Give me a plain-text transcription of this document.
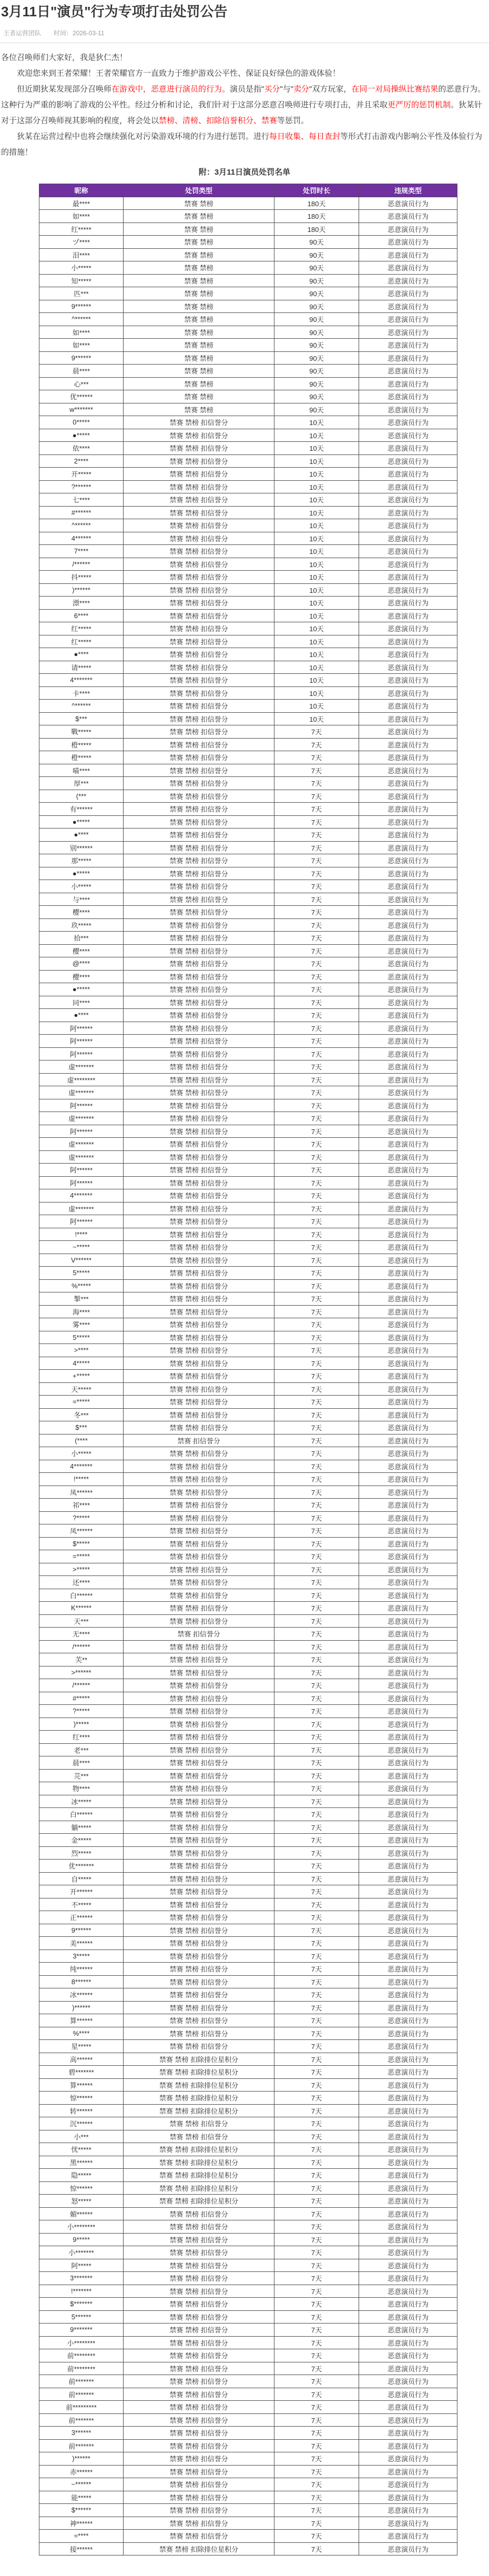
3月11日"演员"行为专项打击处罚公告
王者运营团队 时间：2026-03-11

各位召唤师们大家好，我是狄仁杰！

欢迎您来到王者荣耀！王者荣耀官方一直致力于维护游戏公平性、保证良好绿色的游戏体验！

但近期狄某发现部分召唤师在游戏中，恶意进行演员的行为。演员是指"买分"与"卖分"双方玩家，在同一对局操纵比赛结果的恶意行为。这种行为严重的影响了游戏的公平性。经过分析和讨论，我们针对于这部分恶意召唤师进行专项打击，并且采取更严厉的惩罚机制。狄某针对于这部分召唤师视其影响的程度，将会处以禁榜、清榜、扣除信誉积分、禁赛等惩罚。

狄某在运营过程中也将会继续强化对污染游戏环境的行为进行惩罚。进行每日收集、每日查封等形式打击游戏内影响公平性及体验行为的措施！

附：3月11日演员处罚名单
昵称	处罚类型	处罚时长	违规类型
最****	禁赛 禁榜	180天	恶意演员行为
如****	禁赛 禁榜	180天	恶意演员行为
红*****	禁赛 禁榜	180天	恶意演员行为
ヅ****	禁赛 禁榜	90天	恶意演员行为
泪****	禁赛 禁榜	90天	恶意演员行为
小*****	禁赛 禁榜	90天	恶意演员行为
知*****	禁赛 禁榜	90天	恶意演员行为
匹***	禁赛 禁榜	90天	恶意演员行为
9******	禁赛 禁榜	90天	恶意演员行为
^******	禁赛 禁榜	90天	恶意演员行为
如****	禁赛 禁榜	90天	恶意演员行为
如****	禁赛 禁榜	90天	恶意演员行为
9******	禁赛 禁榜	90天	恶意演员行为
晨****	禁赛 禁榜	90天	恶意演员行为
心***	禁赛 禁榜	90天	恶意演员行为
优******	禁赛 禁榜	90天	恶意演员行为
w*******	禁赛 禁榜	90天	恶意演员行为
0*****	禁赛 禁榜 扣信誉分	10天	恶意演员行为
●*****	禁赛 禁榜 扣信誉分	10天	恶意演员行为
依****	禁赛 禁榜 扣信誉分	10天	恶意演员行为
2****	禁赛 禁榜 扣信誉分	10天	恶意演员行为
开*****	禁赛 禁榜 扣信誉分	10天	恶意演员行为
?******	禁赛 禁榜 扣信誉分	10天	恶意演员行为
七****	禁赛 禁榜 扣信誉分	10天	恶意演员行为
#******	禁赛 禁榜 扣信誉分	10天	恶意演员行为
^******	禁赛 禁榜 扣信誉分	10天	恶意演员行为
4******	禁赛 禁榜 扣信誉分	10天	恶意演员行为
7****	禁赛 禁榜 扣信誉分	10天	恶意演员行为
/******	禁赛 禁榜 扣信誉分	10天	恶意演员行为
抖*****	禁赛 禁榜 扣信誉分	10天	恶意演员行为
)******	禁赛 禁榜 扣信誉分	10天	恶意演员行为
漂****	禁赛 禁榜 扣信誉分	10天	恶意演员行为
6****	禁赛 禁榜 扣信誉分	10天	恶意演员行为
红*****	禁赛 禁榜 扣信誉分	10天	恶意演员行为
红*****	禁赛 禁榜 扣信誉分	10天	恶意演员行为
●****	禁赛 禁榜 扣信誉分	10天	恶意演员行为
请*****	禁赛 禁榜 扣信誉分	10天	恶意演员行为
4*******	禁赛 禁榜 扣信誉分	10天	恶意演员行为
卡****	禁赛 禁榜 扣信誉分	10天	恶意演员行为
^******	禁赛 禁榜 扣信誉分	10天	恶意演员行为
$***	禁赛 禁榜 扣信誉分	10天	恶意演员行为
戰*****	禁赛 禁榜 扣信誉分	7天	恶意演员行为
橙*****	禁赛 禁榜 扣信誉分	7天	恶意演员行为
橙*****	禁赛 禁榜 扣信誉分	7天	恶意演员行为
喵****	禁赛 禁榜 扣信誉分	7天	恶意演员行为
厚***	禁赛 禁榜 扣信誉分	7天	恶意演员行为
(***	禁赛 禁榜 扣信誉分	7天	恶意演员行为
有******	禁赛 禁榜 扣信誉分	7天	恶意演员行为
●*****	禁赛 禁榜 扣信誉分	7天	恶意演员行为
●****	禁赛 禁榜 扣信誉分	7天	恶意演员行为
别******	禁赛 禁榜 扣信誉分	7天	恶意演员行为
那*****	禁赛 禁榜 扣信誉分	7天	恶意演员行为
●*****	禁赛 禁榜 扣信誉分	7天	恶意演员行为
小*****	禁赛 禁榜 扣信誉分	7天	恶意演员行为
与****	禁赛 禁榜 扣信誉分	7天	恶意演员行为
樱****	禁赛 禁榜 扣信誉分	7天	恶意演员行为
玖*****	禁赛 禁榜 扣信誉分	7天	恶意演员行为
拾***	禁赛 禁榜 扣信誉分	7天	恶意演员行为
樱****	禁赛 禁榜 扣信誉分	7天	恶意演员行为
@****	禁赛 禁榜 扣信誉分	7天	恶意演员行为
樱****	禁赛 禁榜 扣信誉分	7天	恶意演员行为
●*****	禁赛 禁榜 扣信誉分	7天	恶意演员行为
同****	禁赛 禁榜 扣信誉分	7天	恶意演员行为
●****	禁赛 禁榜 扣信誉分	7天	恶意演员行为
阿******	禁赛 禁榜 扣信誉分	7天	恶意演员行为
阿******	禁赛 禁榜 扣信誉分	7天	恶意演员行为
阿******	禁赛 禁榜 扣信誉分	7天	恶意演员行为
虚*******	禁赛 禁榜 扣信誉分	7天	恶意演员行为
虚********	禁赛 禁榜 扣信誉分	7天	恶意演员行为
虚*******	禁赛 禁榜 扣信誉分	7天	恶意演员行为
阿******	禁赛 禁榜 扣信誉分	7天	恶意演员行为
虚*******	禁赛 禁榜 扣信誉分	7天	恶意演员行为
阿******	禁赛 禁榜 扣信誉分	7天	恶意演员行为
虚*******	禁赛 禁榜 扣信誉分	7天	恶意演员行为
虚*******	禁赛 禁榜 扣信誉分	7天	恶意演员行为
阿******	禁赛 禁榜 扣信誉分	7天	恶意演员行为
阿******	禁赛 禁榜 扣信誉分	7天	恶意演员行为
4*******	禁赛 禁榜 扣信誉分	7天	恶意演员行为
虚*******	禁赛 禁榜 扣信誉分	7天	恶意演员行为
阿******	禁赛 禁榜 扣信誉分	7天	恶意演员行为
!****	禁赛 禁榜 扣信誉分	7天	恶意演员行为
~*****	禁赛 禁榜 扣信誉分	7天	恶意演员行为
V******	禁赛 禁榜 扣信誉分	7天	恶意演员行为
5*****	禁赛 禁榜 扣信誉分	7天	恶意演员行为
%*****	禁赛 禁榜 扣信誉分	7天	恶意演员行为
掣***	禁赛 禁榜 扣信誉分	7天	恶意演员行为
海****	禁赛 禁榜 扣信誉分	7天	恶意演员行为
雾****	禁赛 禁榜 扣信誉分	7天	恶意演员行为
5*****	禁赛 禁榜 扣信誉分	7天	恶意演员行为
>****	禁赛 禁榜 扣信誉分	7天	恶意演员行为
4*****	禁赛 禁榜 扣信誉分	7天	恶意演员行为
+*****	禁赛 禁榜 扣信誉分	7天	恶意演员行为
天*****	禁赛 禁榜 扣信誉分	7天	恶意演员行为
=*****	禁赛 禁榜 扣信誉分	7天	恶意演员行为
冬***	禁赛 禁榜 扣信誉分	7天	恶意演员行为
$***	禁赛 禁榜 扣信誉分	7天	恶意演员行为
(****	禁赛 扣信誉分	7天	恶意演员行为
小*****	禁赛 禁榜 扣信誉分	7天	恶意演员行为
4*******	禁赛 禁榜 扣信誉分	7天	恶意演员行为
!*****	禁赛 禁榜 扣信誉分	7天	恶意演员行为
凤******	禁赛 禁榜 扣信誉分	7天	恶意演员行为
祁****	禁赛 禁榜 扣信誉分	7天	恶意演员行为
?*****	禁赛 禁榜 扣信誉分	7天	恶意演员行为
凤******	禁赛 禁榜 扣信誉分	7天	恶意演员行为
$*****	禁赛 禁榜 扣信誉分	7天	恶意演员行为
=*****	禁赛 禁榜 扣信誉分	7天	恶意演员行为
>*****	禁赛 禁榜 扣信誉分	7天	恶意演员行为
还****	禁赛 禁榜 扣信誉分	7天	恶意演员行为
白******	禁赛 禁榜 扣信誉分	7天	恶意演员行为
K******	禁赛 禁榜 扣信誉分	7天	恶意演员行为
天***	禁赛 禁榜 扣信誉分	7天	恶意演员行为
无****	禁赛 扣信誉分	7天	恶意演员行为
/******	禁赛 禁榜 扣信誉分	7天	恶意演员行为
芙**	禁赛 禁榜 扣信誉分	7天	恶意演员行为
>******	禁赛 禁榜 扣信誉分	7天	恶意演员行为
/******	禁赛 禁榜 扣信誉分	7天	恶意演员行为
#*****	禁赛 禁榜 扣信誉分	7天	恶意演员行为
?*****	禁赛 禁榜 扣信誉分	7天	恶意演员行为
)*****	禁赛 禁榜 扣信誉分	7天	恶意演员行为
红****	禁赛 禁榜 扣信誉分	7天	恶意演员行为
老***	禁赛 禁榜 扣信誉分	7天	恶意演员行为
晨****	禁赛 禁榜 扣信誉分	7天	恶意演员行为
芫***	禁赛 禁榜 扣信誉分	7天	恶意演员行为
物****	禁赛 禁榜 扣信誉分	7天	恶意演员行为
冰*****	禁赛 禁榜 扣信誉分	7天	恶意演员行为
白******	禁赛 禁榜 扣信誉分	7天	恶意演员行为
躺*****	禁赛 禁榜 扣信誉分	7天	恶意演员行为
金*****	禁赛 禁榜 扣信誉分	7天	恶意演员行为
烈*****	禁赛 禁榜 扣信誉分	7天	恶意演员行为
优*******	禁赛 禁榜 扣信誉分	7天	恶意演员行为
自*****	禁赛 禁榜 扣信誉分	7天	恶意演员行为
开******	禁赛 禁榜 扣信誉分	7天	恶意演员行为
不*****	禁赛 禁榜 扣信誉分	7天	恶意演员行为
正******	禁赛 禁榜 扣信誉分	7天	恶意演员行为
9******	禁赛 禁榜 扣信誉分	7天	恶意演员行为
美******	禁赛 禁榜 扣信誉分	7天	恶意演员行为
3*****	禁赛 禁榜 扣信誉分	7天	恶意演员行为
纯******	禁赛 禁榜 扣信誉分	7天	恶意演员行为
8******	禁赛 禁榜 扣信誉分	7天	恶意演员行为
冰******	禁赛 禁榜 扣信誉分	7天	恶意演员行为
)******	禁赛 禁榜 扣信誉分	7天	恶意演员行为
算******	禁赛 禁榜 扣信誉分	7天	恶意演员行为
%****	禁赛 禁榜 扣信誉分	7天	恶意演员行为
星*****	禁赛 禁榜 扣信誉分	7天	恶意演员行为
高******	禁赛 禁榜 扣除排位星积分	7天	恶意演员行为
碧*******	禁赛 禁榜 扣除排位星积分	7天	恶意演员行为
算******	禁赛 禁榜 扣除排位星积分	7天	恶意演员行为
惊******	禁赛 禁榜 扣除排位星积分	7天	恶意演员行为
转******	禁赛 禁榜 扣除排位星积分	7天	恶意演员行为
沉******	禁赛 禁榜 扣信誉分	7天	恶意演员行为
小***	禁赛 禁榜 扣信誉分	7天	恶意演员行为
忧*****	禁赛 禁榜 扣除排位星积分	7天	恶意演员行为
黑******	禁赛 禁榜 扣除排位星积分	7天	恶意演员行为
隐*****	禁赛 禁榜 扣除排位星积分	7天	恶意演员行为
惊******	禁赛 禁榜 扣除排位星积分	7天	恶意演员行为
怒*****	禁赛 禁榜 扣除排位星积分	7天	恶意演员行为
媚******	禁赛 禁榜 扣信誉分	7天	恶意演员行为
小********	禁赛 禁榜 扣信誉分	7天	恶意演员行为
9*****	禁赛 禁榜 扣信誉分	7天	恶意演员行为
小*******	禁赛 禁榜 扣信誉分	7天	恶意演员行为
阿*****	禁赛 禁榜 扣信誉分	7天	恶意演员行为
3*******	禁赛 禁榜 扣信誉分	7天	恶意演员行为
!*******	禁赛 禁榜 扣信誉分	7天	恶意演员行为
$*******	禁赛 禁榜 扣信誉分	7天	恶意演员行为
5******	禁赛 禁榜 扣信誉分	7天	恶意演员行为
9*******	禁赛 禁榜 扣信誉分	7天	恶意演员行为
小********	禁赛 禁榜 扣信誉分	7天	恶意演员行为
前********	禁赛 禁榜 扣信誉分	7天	恶意演员行为
前********	禁赛 禁榜 扣信誉分	7天	恶意演员行为
前*******	禁赛 禁榜 扣信誉分	7天	恶意演员行为
前*******	禁赛 禁榜 扣信誉分	7天	恶意演员行为
前*********	禁赛 禁榜 扣信誉分	7天	恶意演员行为
前*******	禁赛 禁榜 扣信誉分	7天	恶意演员行为
3******	禁赛 禁榜 扣信誉分	7天	恶意演员行为
前*******	禁赛 禁榜 扣信誉分	7天	恶意演员行为
)******	禁赛 禁榜 扣信誉分	7天	恶意演员行为
赤******	禁赛 禁榜 扣信誉分	7天	恶意演员行为
~******	禁赛 禁榜 扣信誉分	7天	恶意演员行为
能*****	禁赛 禁榜 扣信誉分	7天	恶意演员行为
$******	禁赛 禁榜 扣信誉分	7天	恶意演员行为
神******	禁赛 禁榜 扣信誉分	7天	恶意演员行为
=****	禁赛 禁榜 扣信誉分	7天	恶意演员行为
接******	禁赛 禁榜 扣除排位星积分	7天	恶意演员行为
